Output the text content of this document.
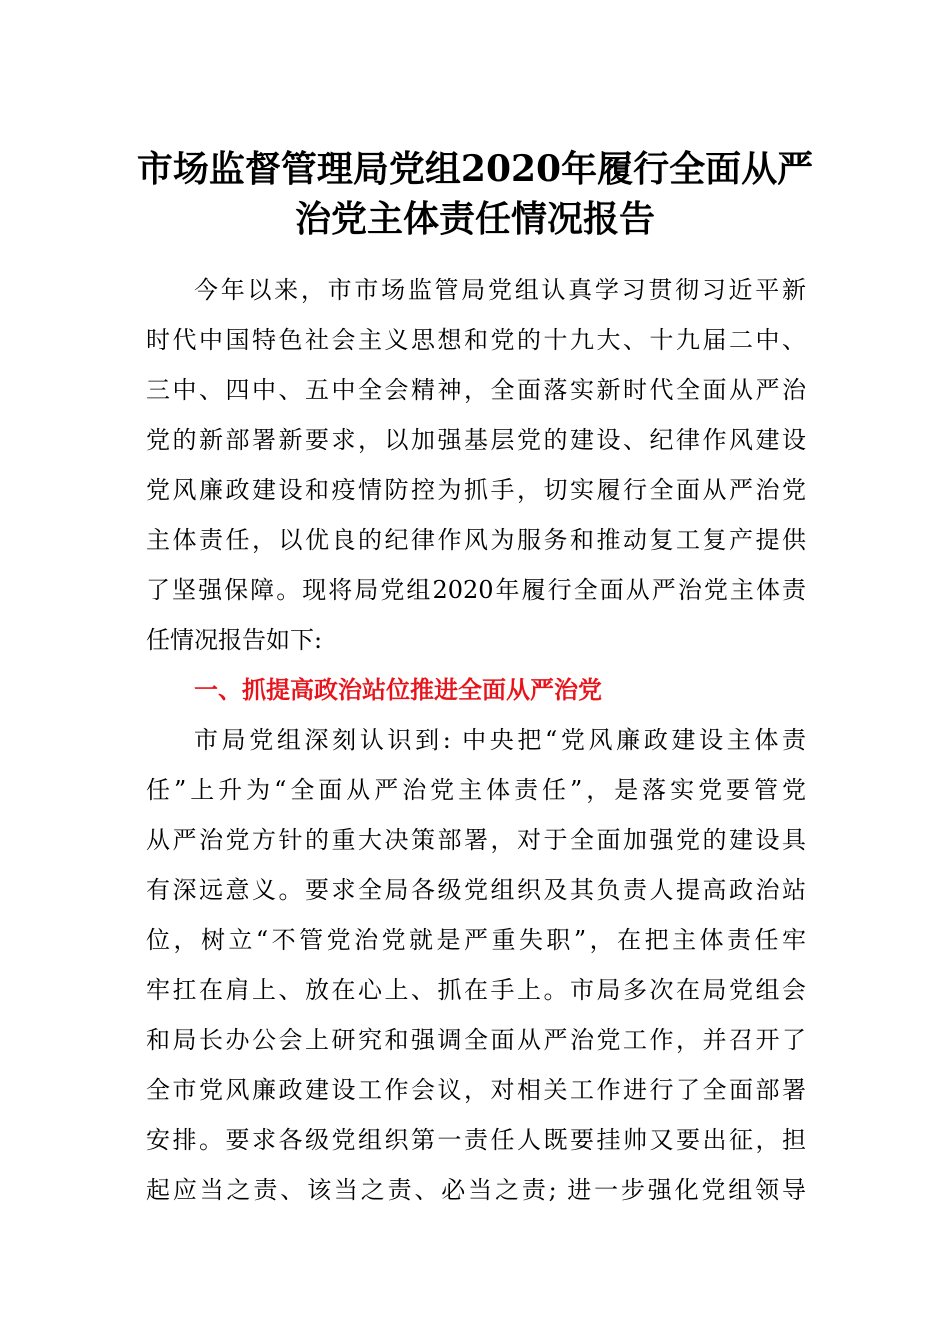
市场监督管理局党组2020年履行全面从严
治党主体责任情况报告
今年以来，市市场监管局党组认真学习贯彻习近平新
时代中国特色社会主义思想和党的十九大、十九届二中、
三中、四中、五中全会精神，全面落实新时代全面从严治
党的新部署新要求，以加强基层党的建设、纪律作风建设
党风廉政建设和疫情防控为抓手，切实履行全面从严治党
主体责任，以优良的纪律作风为服务和推动复工复产提供
了坚强保障。现将局党组2020年履行全面从严治党主体责
任情况报告如下:
一、抓提高政治站位推进全面从严治党
市局党组深刻认识到: 中央把“党风廉政建设主体责
任”上升为“全面从严治党主体责任”，是落实党要管党
从严治党方针的重大决策部署，对于全面加强党的建设具
有深远意义。要求全局各级党组织及其负责人提高政治站
位，树立“不管党治党就是严重失职”，在把主体责任牢
牢扛在肩上、放在心上、抓在手上。市局多次在局党组会
和局长办公会上研究和强调全面从严治党工作，并召开了
全市党风廉政建设工作会议，对相关工作进行了全面部署
安排。要求各级党组织第一责任人既要挂帅又要出征，担
起应当之责、该当之责、必当之责; 进一步强化党组领导
